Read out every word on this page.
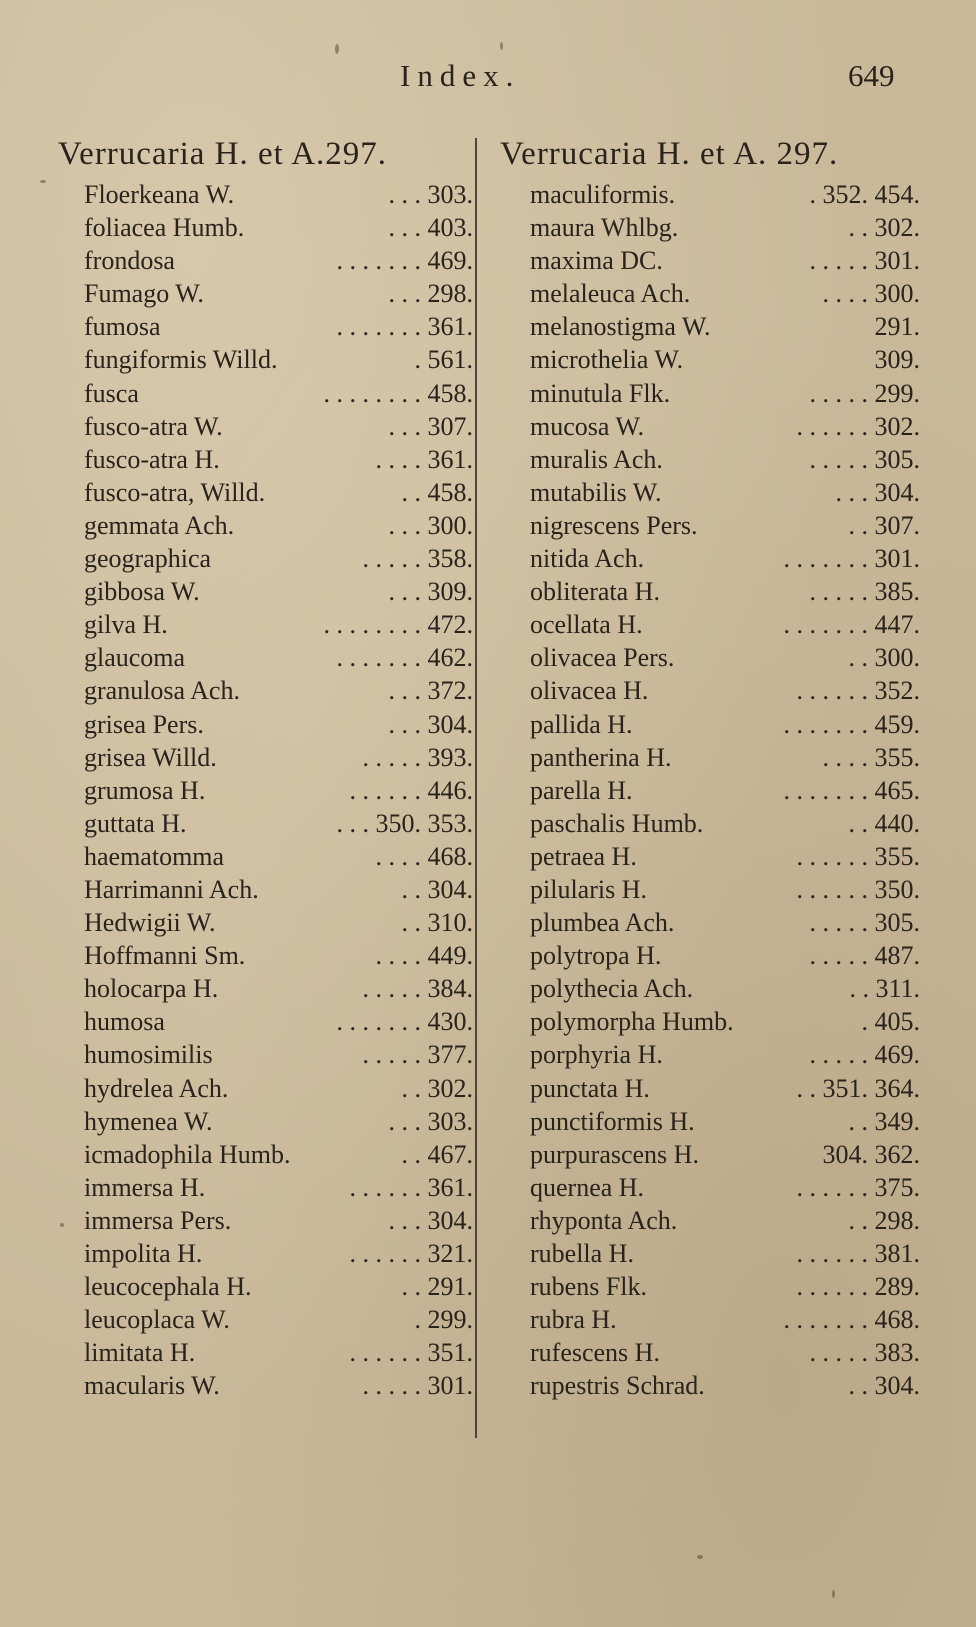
Index.	649
Verrucaria H. et A.297.
Floerkeana W.	. . . 303.
foliacea Humb.	. . . 403.
frondosa	. . . . . . . 469.
Fumago W.	. . . 298.
fumosa	. . . . . . . 361.
fungiformis Willd.	. 561.
fusca	. . . . . . . . 458.
fusco-atra W.	. . . 307.
fusco-atra H.	. . . . 361.
fusco-atra, Willd.	. . 458.
gemmata Ach.	. . . 300.
geographica	. . . . . 358.
gibbosa W.	. . . 309.
gilva H.	. . . . . . . . 472.
glaucoma	. . . . . . . 462.
granulosa Ach.	. . . 372.
grisea Pers.	. . . 304.
grisea Willd.	. . . . . 393.
grumosa H.	. . . . . . 446.
guttata H.	. . . 350. 353.
haematomma	. . . . 468.
Harrimanni Ach.	. . 304.
Hedwigii W.	. . 310.
Hoffmanni Sm.	. . . . 449.
holocarpa H.	. . . . . 384.
humosa	. . . . . . . 430.
humosimilis	. . . . . 377.
hydrelea Ach.	. . 302.
hymenea W.	. . . 303.
icmadophila Humb.	. . 467.
immersa H.	. . . . . . 361.
immersa Pers.	. . . 304.
impolita H.	. . . . . . 321.
leucocephala H.	. . 291.
leucoplaca W.	. 299.
limitata H.	. . . . . . 351.
macularis W.	. . . . . 301.
Verrucaria H. et A. 297.
maculiformis.	. 352. 454.
maura Whlbg.	. . 302.
maxima DC.	. . . . . 301.
melaleuca Ach.	. . . . 300.
melanostigma W.	291.
microthelia W.	309.
minutula Flk.	. . . . . 299.
mucosa W.	. . . . . . 302.
muralis Ach.	. . . . . 305.
mutabilis W.	. . . 304.
nigrescens Pers.	. . 307.
nitida Ach.	. . . . . . . 301.
obliterata H.	. . . . . 385.
ocellata H.	. . . . . . . 447.
olivacea Pers.	. . 300.
olivacea H.	. . . . . . 352.
pallida H.	. . . . . . . 459.
pantherina H.	. . . . 355.
parella H.	. . . . . . . 465.
paschalis Humb.	. . 440.
petraea H.	. . . . . . 355.
pilularis H.	. . . . . . 350.
plumbea Ach.	. . . . . 305.
polytropa H.	. . . . . 487.
polythecia Ach.	. . 311.
polymorpha Humb.	. 405.
porphyria H.	. . . . . 469.
punctata H.	. . 351. 364.
punctiformis H.	. . 349.
purpurascens H.	304. 362.
quernea H.	. . . . . . 375.
rhyponta Ach.	. . 298.
rubella H.	. . . . . . 381.
rubens Flk.	. . . . . . 289.
rubra H.	. . . . . . . 468.
rufescens H.	. . . . . 383.
rupestris Schrad.	. . 304.
